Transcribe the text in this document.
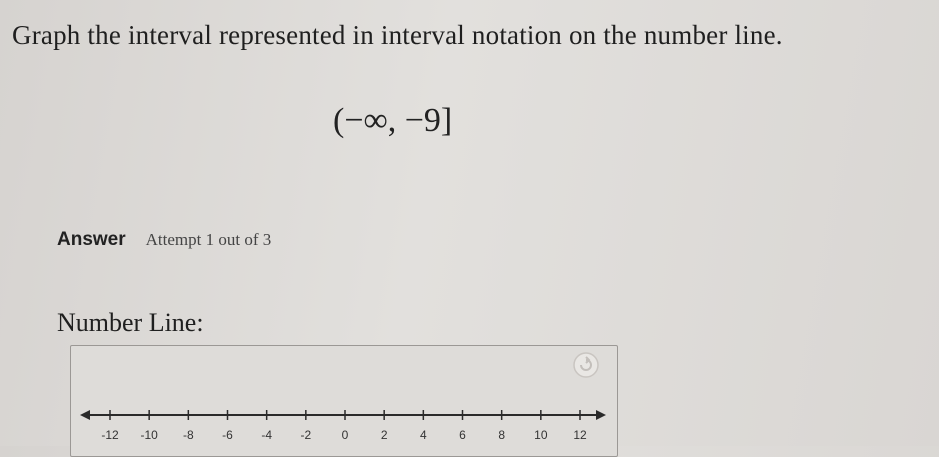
Graph the interval represented in interval notation on the number line.
(−∞, −9]
Answer Attempt 1 out of 3
Number Line:
-12 -10 -8 -6 -4 -2	0	2	4	6	8 10 12
